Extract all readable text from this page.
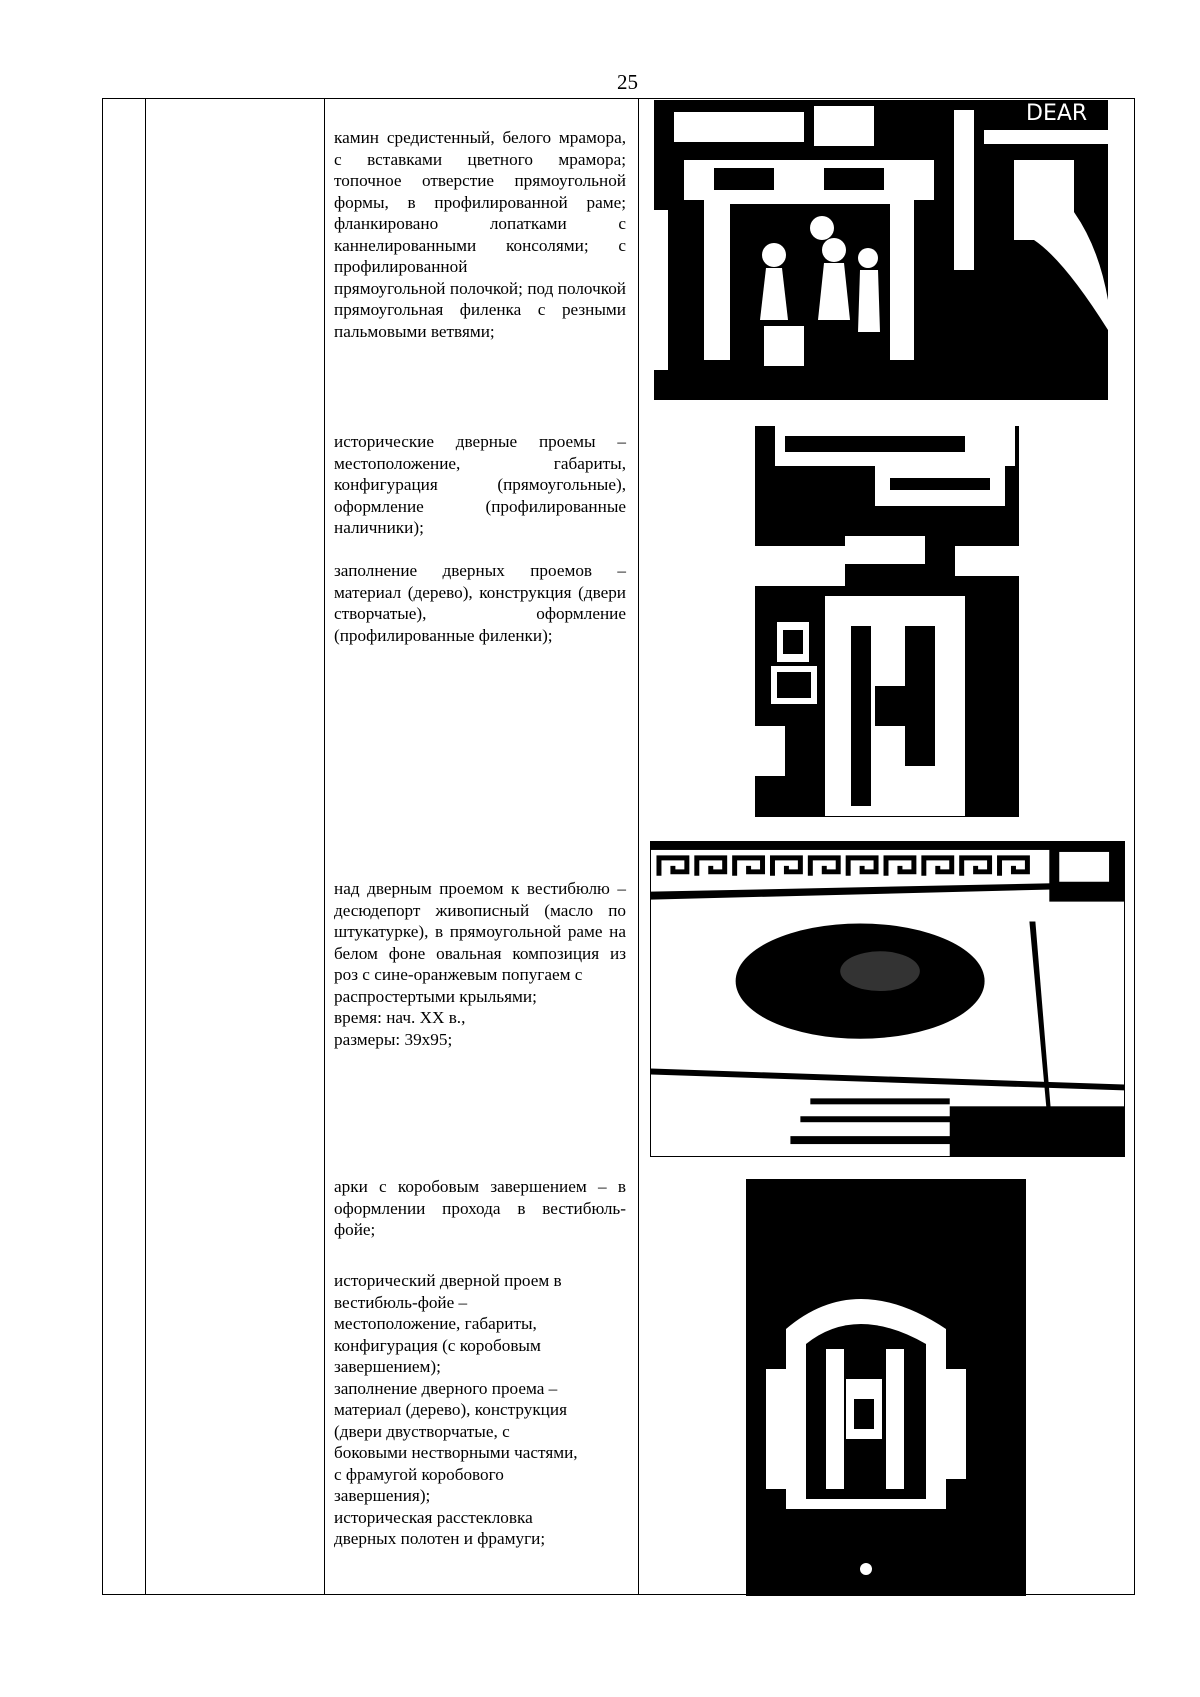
25

камин средистенный, белого мрамора, с вставками цветного мрамора; топочное отверстие прямоугольной формы, в профилированной раме; фланкировано лопатками с каннелированными консолями; с профилированной

прямоугольной полочкой; под полочкой прямоугольная филенка с резными пальмовыми ветвями;

исторические дверные проемы – местоположение, габариты, конфигурация (прямоугольные), оформление (профилированные наличники);
заполнение дверных проемов – материал (дерево), конструкция (двери створчатые), оформление (профилированные филенки);

над дверным проемом к вестибюлю – десюдепорт живописный (масло по штукатурке), в прямоугольной раме на белом фоне овальная композиция из роз с сине-оранжевым попугаем с

распростертыми крыльями;

время: нач. XX в.,

размеры: 39х95;

арки с коробовым завершением – в оформлении прохода в вестибюль-фойе;

исторический дверной проем в

вестибюль-фойе –

местоположение, габариты,

конфигурация (с коробовым

завершением);

заполнение дверного проема –

материал (дерево), конструкция

(двери двустворчатые, с

боковыми нестворными частями,

с фрамугой коробового

завершения);

историческая расстекловка

дверных полотен и фрамуги;

DEAR
